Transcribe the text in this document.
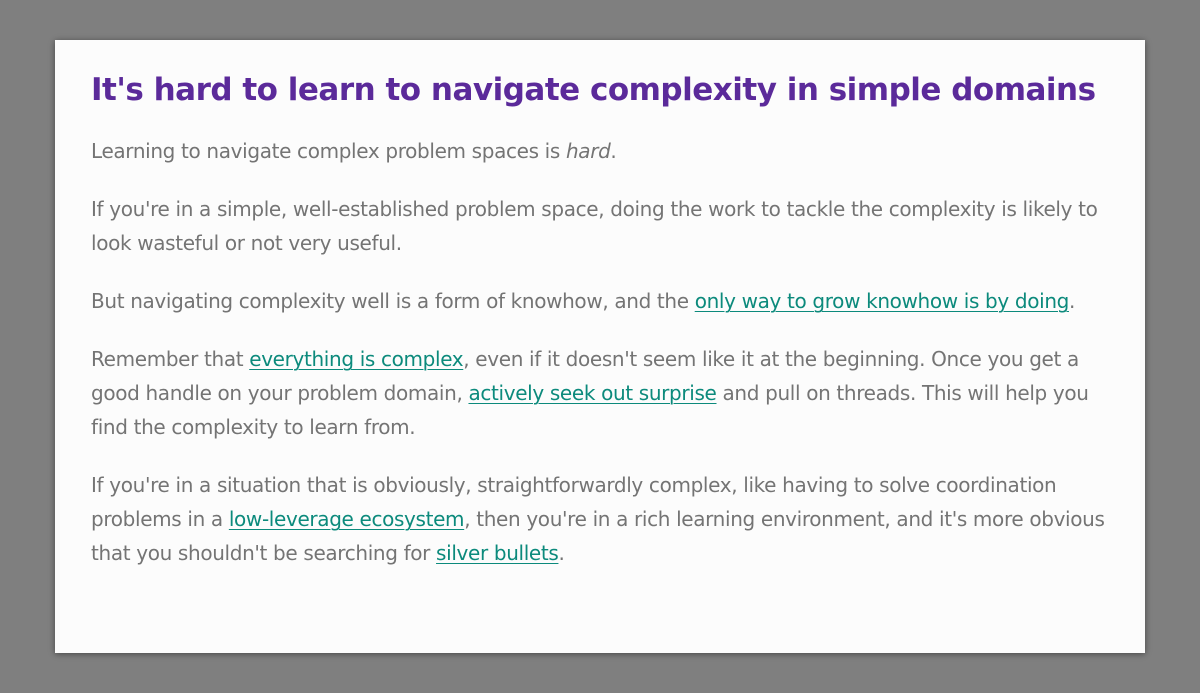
It's hard to learn to navigate complexity in simple domains

Learning to navigate complex problem spaces is hard.

If you're in a simple, well-established problem space, doing the work to tackle the complexity is likely to look wasteful or not very useful.

But navigating complexity well is a form of knowhow, and the only way to grow knowhow is by doing.

Remember that everything is complex, even if it doesn't seem like it at the beginning. Once you get a good handle on your problem domain, actively seek out surprise and pull on threads. This will help you find the complexity to learn from.

If you're in a situation that is obviously, straightforwardly complex, like having to solve coordination problems in a low-leverage ecosystem, then you're in a rich learning environment, and it's more obvious that you shouldn't be searching for silver bullets.
